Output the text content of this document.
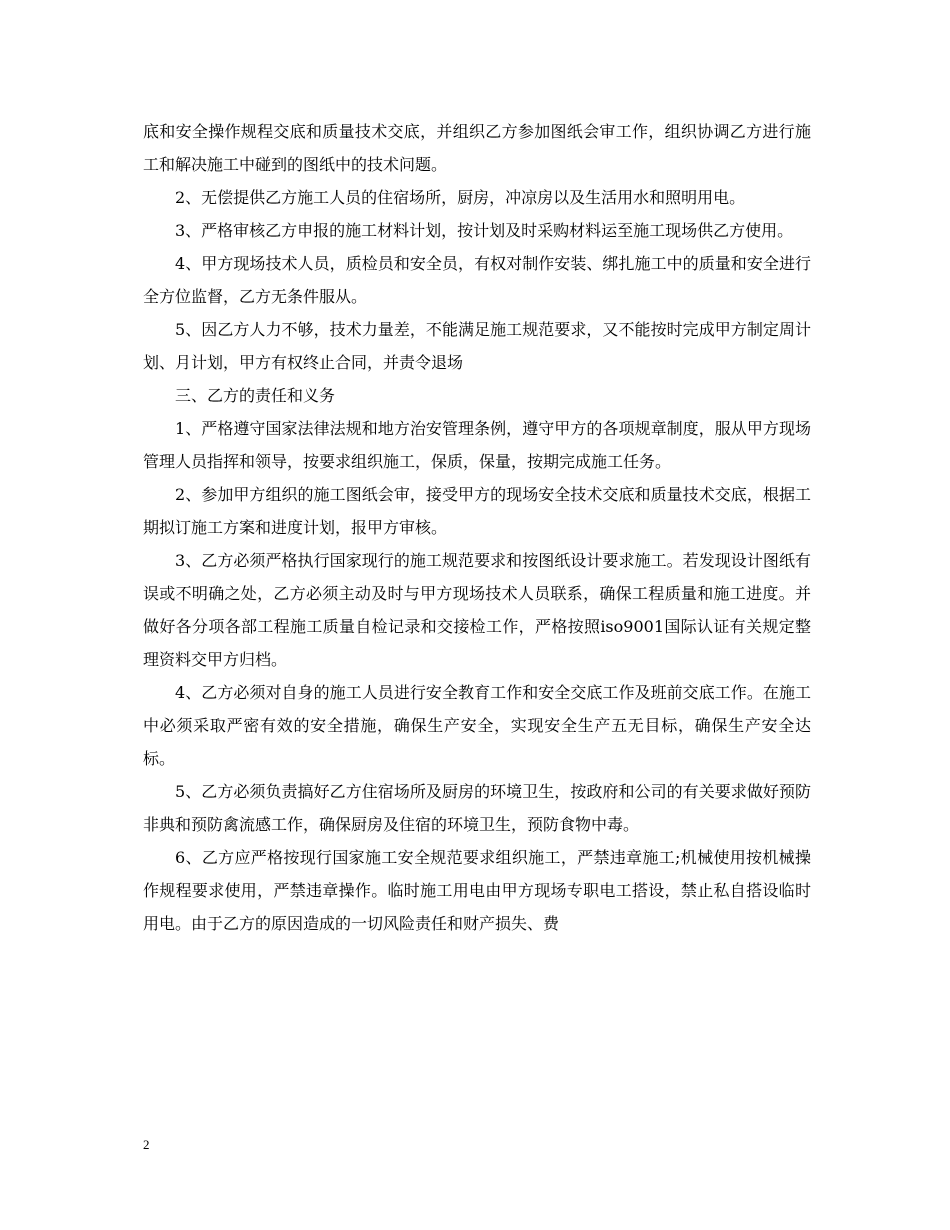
底和安全操作规程交底和质量技术交底，并组织乙方参加图纸会审工作，组织协调乙方进行施工和解决施工中碰到的图纸中的技术问题。

2、无偿提供乙方施工人员的住宿场所，厨房，冲凉房以及生活用水和照明用电。

3、严格审核乙方申报的施工材料计划，按计划及时采购材料运至施工现场供乙方使用。

4、甲方现场技术人员，质检员和安全员，有权对制作安装、绑扎施工中的质量和安全进行全方位监督，乙方无条件服从。

5、因乙方人力不够，技术力量差，不能满足施工规范要求，又不能按时完成甲方制定周计划、月计划，甲方有权终止合同，并责令退场

三、乙方的责任和义务

1、严格遵守国家法律法规和地方治安管理条例，遵守甲方的各项规章制度，服从甲方现场管理人员指挥和领导，按要求组织施工，保质，保量，按期完成施工任务。

2、参加甲方组织的施工图纸会审，接受甲方的现场安全技术交底和质量技术交底，根据工期拟订施工方案和进度计划，报甲方审核。

3、乙方必须严格执行国家现行的施工规范要求和按图纸设计要求施工。若发现设计图纸有误或不明确之处，乙方必须主动及时与甲方现场技术人员联系，确保工程质量和施工进度。并做好各分项各部工程施工质量自检记录和交接检工作，严格按照iso9001国际认证有关规定整理资料交甲方归档。

4、乙方必须对自身的施工人员进行安全教育工作和安全交底工作及班前交底工作。在施工中必须采取严密有效的安全措施，确保生产安全，实现安全生产五无目标，确保生产安全达标。

5、乙方必须负责搞好乙方住宿场所及厨房的环境卫生，按政府和公司的有关要求做好预防非典和预防禽流感工作，确保厨房及住宿的环境卫生，预防食物中毒。

6、乙方应严格按现行国家施工安全规范要求组织施工，严禁违章施工;机械使用按机械操作规程要求使用，严禁违章操作。临时施工用电由甲方现场专职电工搭设，禁止私自搭设临时用电。由于乙方的原因造成的一切风险责任和财产损失、费

2
